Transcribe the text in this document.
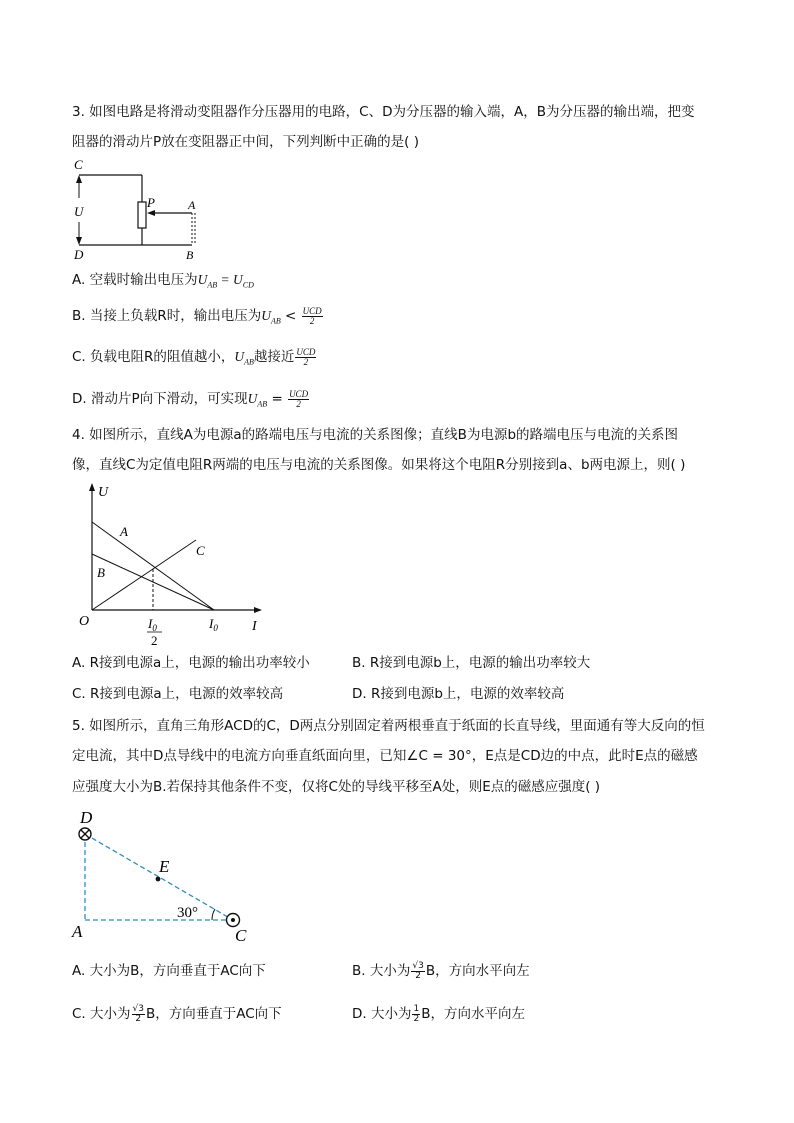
3. 如图电路是将滑动变阻器作分压器用的电路，C、D为分压器的输入端，A，B为分压器的输出端，把变
阻器的滑动片P放在变阻器正中间，下列判断中正确的是( )
C
U
D
P	A
B
A. 空载时输出电压为$U_{AB} = U_{CD}$
B. 当接上负载R时，输出电压为$U_{AB} < \frac{\text{UCD}}{2}$
C. 负载电阻R的阻值越小，$U_{AB}$越接近 $\frac{\text{UCD}}{2}$
D. 滑动片P向下滑动，可实现$U_{AB} = \frac{\text{UCD}}{2}$
4. 如图所示，直线A为电源a的路端电压与电流的关系图像；直线B为电源b的路端电压与电流的关系图
像，直线C为定值电阻R两端的电压与电流的关系图像。如果将这个电阻R分别接到a、b两电源上，则( )
U
I
O
A
B
C
$I_0$
2
$I_0$
A. R接到电源a上，电源的输出功率较小	B. R接到电源b上，电源的输出功率较大
C. R接到电源a上，电源的效率较高	D. R接到电源b上，电源的效率较高
5. 如图所示，直角三角形ACD的C，D两点分别固定着两根垂直于纸面的长直导线，里面通有等大反向的恒
定电流，其中D点导线中的电流方向垂直纸面向里，已知∠C = 30°，E点是CD边的中点，此时E点的磁感
应强度大小为B.若保持其他条件不变，仅将C处的导线平移至A处，则E点的磁感应强度( )
D
E
A	C
30°
A. 大小为B，方向垂直于AC向下	B. 大小为 $\frac{√3}{2}$ B，方向水平向左
C. 大小为 $\frac{√3}{2}$ B，方向垂直于AC向下	D. 大小为 $\frac{1}{2}$ B，方向水平向左
